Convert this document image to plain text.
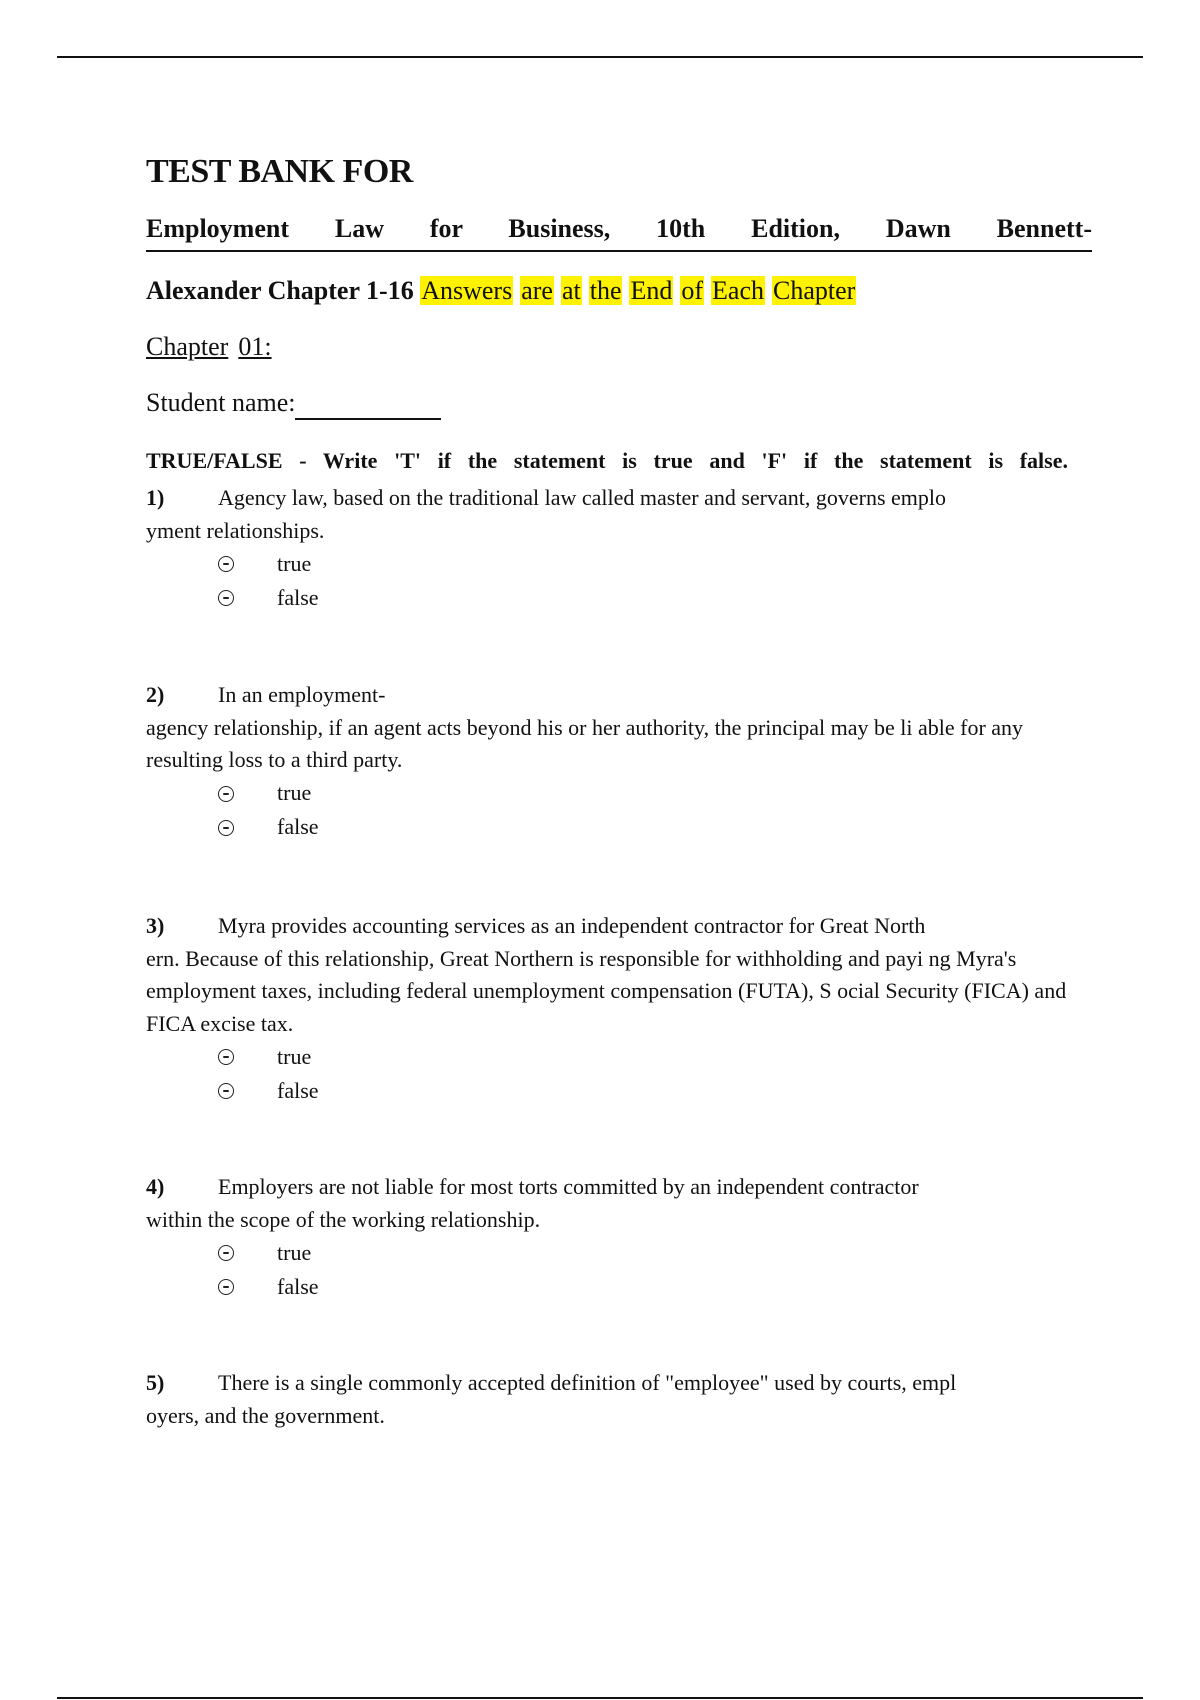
TEST BANK FOR
Employment Law for Business, 10th Edition, Dawn Bennett-
Alexander Chapter 1-16 Answers are at the End of Each Chapter
Chapter 01:
Student name:
TRUE/FALSE - Write 'T' if the statement is true and 'F' if the statement is false.
1) Agency law, based on the traditional law called master and servant, governs emplo
yment relationships.
true
false
2) In an employment-
agency relationship, if an agent acts beyond his or her authority, the principal may be li able for any resulting loss to a third party.
true
false
3) Myra provides accounting services as an independent contractor for Great North
ern. Because of this relationship, Great Northern is responsible for withholding and payi ng Myra's employment taxes, including federal unemployment compensation (FUTA), S ocial Security (FICA) and FICA excise tax.
true
false
4) Employers are not liable for most torts committed by an independent contractor
within the scope of the working relationship.
true
false
5) There is a single commonly accepted definition of "employee" used by courts, empl
oyers, and the government.
